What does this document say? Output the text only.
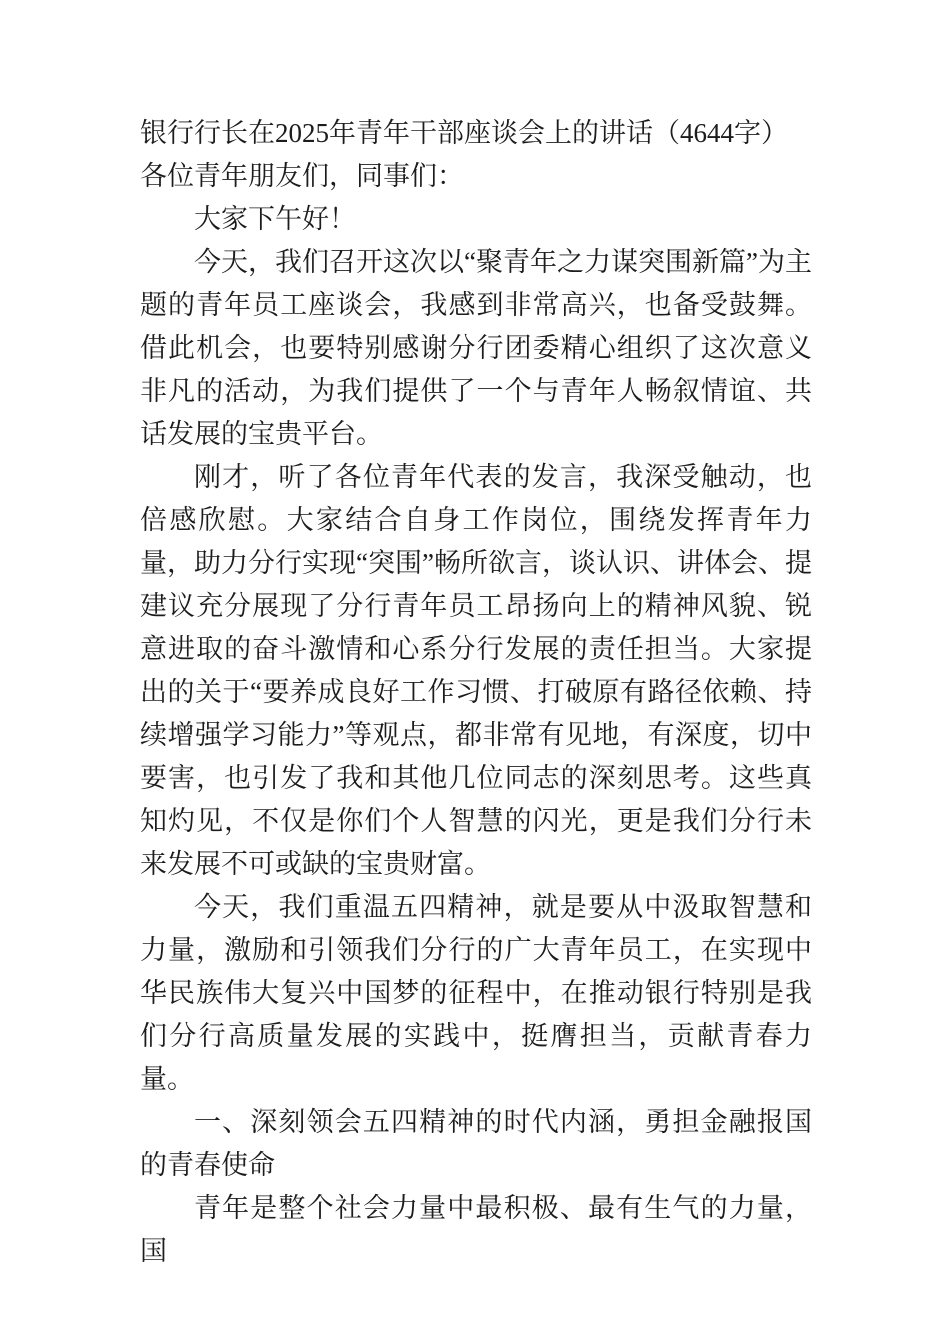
银行行长在2025年青年干部座谈会上的讲话（4644字）

各位青年朋友们，同事们：

大家下午好！

今天，我们召开这次以“聚青年之力谋突围新篇”为主题的青年员工座谈会，我感到非常高兴，也备受鼓舞。借此机会，也要特别感谢分行团委精心组织了这次意义非凡的活动，为我们提供了一个与青年人畅叙情谊、共话发展的宝贵平台。

刚才，听了各位青年代表的发言，我深受触动，也倍感欣慰。大家结合自身工作岗位，围绕发挥青年力量，助力分行实现“突围”畅所欲言，谈认识、讲体会、提建议充分展现了分行青年员工昂扬向上的精神风貌、锐意进取的奋斗激情和心系分行发展的责任担当。大家提出的关于“要养成良好工作习惯、打破原有路径依赖、持续增强学习能力”等观点，都非常有见地，有深度，切中要害，也引发了我和其他几位同志的深刻思考。这些真知灼见，不仅是你们个人智慧的闪光，更是我们分行未来发展不可或缺的宝贵财富。

今天，我们重温五四精神，就是要从中汲取智慧和力量，激励和引领我们分行的广大青年员工，在实现中华民族伟大复兴中国梦的征程中，在推动银行特别是我们分行高质量发展的实践中，挺膺担当，贡献青春力量。

一、深刻领会五四精神的时代内涵，勇担金融报国的青春使命

青年是整个社会力量中最积极、最有生气的力量，国
